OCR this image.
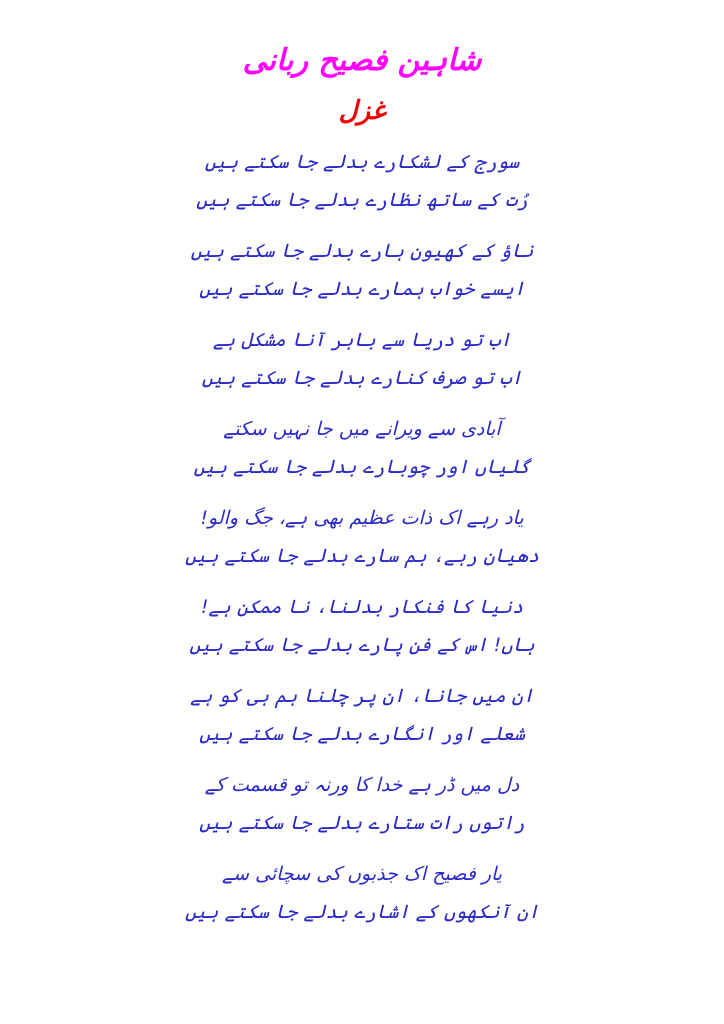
شاہین فصیح ربانی
غزل
سورج کے لشکارے بدلے جا سکتے ہیں
رُت کے ساتھ نظارے بدلے جا سکتے ہیں
ناؤ کے کھیون ہارے بدلے جا سکتے ہیں
ایسے خواب ہمارے بدلے جا سکتے ہیں
اب تو دریا سے باہر آنا مشکل ہے
اب تو صرف کنارے بدلے جا سکتے ہیں
آبادی سے ویرانے میں جا نہیں سکتے
گلیاں اور چوبارے بدلے جا سکتے ہیں
یاد رہے اک ذات عظیم بھی ہے، جگ والو!
دھیان رہے، ہم سارے بدلے جا سکتے ہیں
دنیا کا فنکار بدلنا، نا ممکن ہے!
ہاں! اس کے فن پارے بدلے جا سکتے ہیں
ان میں جانا، ان پر چلنا ہم ہی کو ہے
شعلے اور انگارے بدلے جا سکتے ہیں
دل میں ڈر ہے خدا کا ورنہ تو قسمت کے
راتوں رات ستارے بدلے جا سکتے ہیں
یار فصیح اک جذبوں کی سچائی سے
ان آنکھوں کے اشارے بدلے جا سکتے ہیں
